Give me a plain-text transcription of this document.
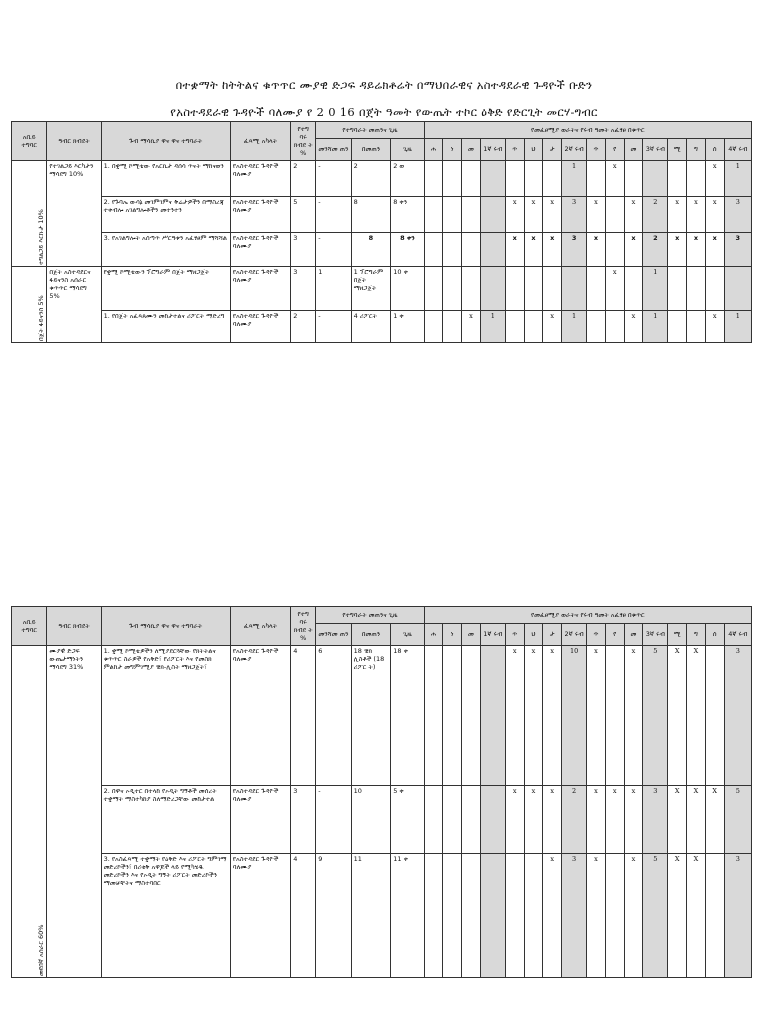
በተቋማት ከትትልና ቁጥጥር ሙያዊ ድጋፍ ዳይሬክቶሬት በማህበራዊና አስተዳደራዊ ጉዳዮች ቡድን
የአስተዳደራዊ ጉዳዮች ባለሙያ የ 2 0 16 በጀት ዓመት የውጤት ተኮር ዕቅድ የድርጊት መርሃ-ግብር
አቢይ ተግባር	ዓብር ክብደት	ጉብ ማሳኪያ ዋና ዋና ተግባራት	ፈጻሚ አካላት	የተግ ባሩ ክብደ ት %	የተግባራት መጠንና ጊዜ			የመፈፀሚያ ወራትና የሩብ ዓመት አፈፃፀ በቁጥር															
					መንሻመ ጠን	በመጠን	ጊዜ	ሐ	ነ	መ	1ኛ ሩብ	ጥ	ህ	ታ	2ኛ ሩብ	ጥ	የ	መ	3ኛ ሩብ	ሚ	ግ	ሰ	4ኛ ሩብ
ተግልጋይ እርኩታ 10%	የተገልጋይ እርካታን ማሳደግ 10%	1. በቋሚ ኮሚቴው የአርኪታ ዳሰሳ ጥናት ማከናወን	የአስተዳደር ጉዳዮች ባለሙያ	2	-	2	2 ወ								1		x					x	1
		2. የጉባኤ ውሳኔ መገምገምና ቅሬታዎችን በማስረጃ ተቀብሎ አገልግሎቶችን መተንተን	የአስተዳደር ጉዳዮች ባለሙያ	5	-	8	8 ቀን					x	x	x	3	x		x	2	x	x	x	3
		3. የአገልግሎት አሰጣጥ ሥርዓቱን አፈፃፀም ማሻሻል	የአስተዳደር ጉዳዮች ባለሙያ	3	-	8	8 ቀን					x	x	x	3	x		x	2	x	x	x	3
በጀት ፋይናንስ 5%	በጀት አስተዳደርና ፋይናንስ አሰራር ቁጥጥር ማሳደግ 5%	የቋሚ ኮሚቴውን ፕሮግራም በጀት ማዘጋጀት	የአስተዳደር ጉዳዮች ባለሙያ	3	1	1 ፕሮግራም በጀት ማዘጋጀት	10 ቀ										x		1				
		1. የበጀት አፈጻጸሙን መከታተልና ሪፖርት ማድረግ	የአስተዳደር ጉዳዮች ባለሙያ	2	-	4 ሪፖርት	1 ቀ			x	1			x	1			x	1			x	1
አቢይ ተግባር	ዓብር ክብደት	ጉብ ማሳኪያ ዋና ዋና ተግባራት	ፈጻሚ አካላት	የተግ ባሩ ክብደ ት %	የተግባራት መጠንና ጊዜ			የመፈፀሚያ ወራትና የሩብ ዓመት አፈፃፀ በቁጥር															
					መንሻመ ጠን	በመጠን	ጊዜ	ሐ	ነ	መ	1ኛ ሩብ	ጥ	ህ	ታ	2ኛ ሩብ	ጥ	የ	መ	3ኛ ሩብ	ሚ	ግ	ሰ	4ኛ ሩብ
መደበኛ አሰራር 60%	ሙያዊ ድጋፍ ውጤታማነትን ማሳደግ 31%	1. ቋሚ ኮሚቴዎችን ለሚያደርጓቸው የክትትልና ቁጥጥር ስራዎች የአቅድ፣ የሪፖርት እና የመስክ ምልከታ መግምገሚያ ቼክ-ሊስት ማዘጋጀት፣	የአስተዳደር ጉዳዮች ባለሙያ	4	6	18 ቼክ ሊስቶች (18 ሪፖር ት)	18 ቀ					x	x	x	10	x		x	5	X	X		3
		2. በዋና ኦዲተር በተላከ የኦዲት ግኝቶች መሰረት ተቋማት ማስተካከያ ስለማድረጋቸው መከታተል	የአስተዳደር ጉዳዮች ባለሙያ	3	-	10	5 ቀ					x	x	x	2	x	x	x	3	X	X	X	5
		3. የአስፈጻሚ ተቋማት የዕቅድ እና ሪፖርት ግምገማ መድረኮችን፣ በሪቂቅ አዋጆች ላይ የሚካሄዱ መድረኮችን እና የኦዲት ግኝት ሪፖርት መድረኮችን ማመቻቸትና ማስተባበር	የአስተዳደር ጉዳዮች ባለሙያ	4	9	11	11 ቀ							x	3	x		x	5	X	X		3
